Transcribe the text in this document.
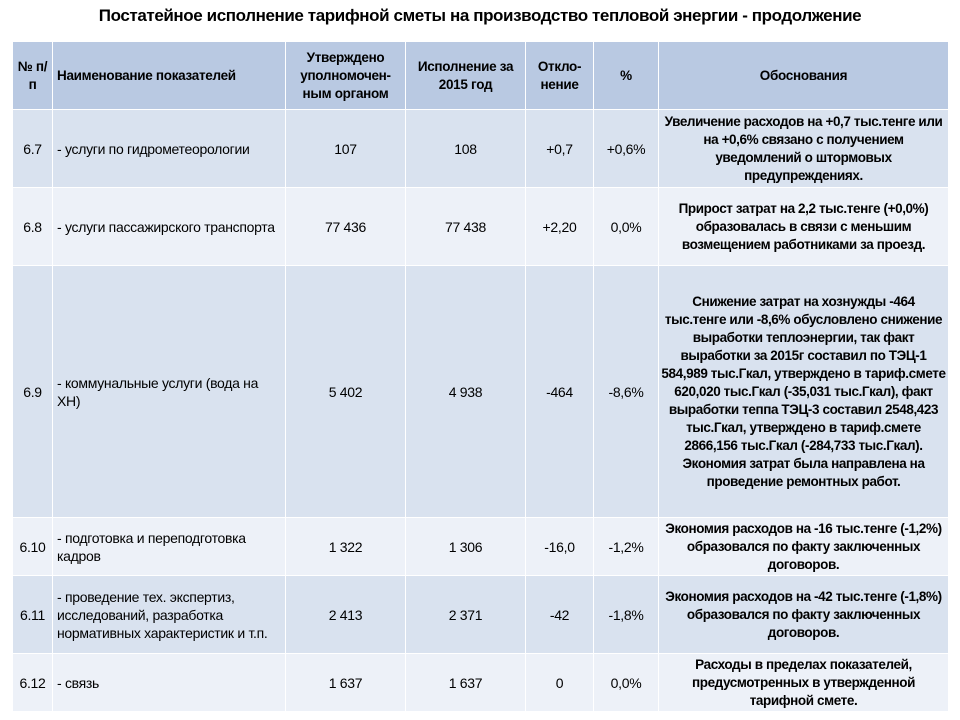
Постатейное исполнение тарифной сметы на производство тепловой энергии - продолжение
№ п/п	Наименование показателей	Утверждено уполномочен-ным органом	Исполнение за 2015 год	Откло-нение	%	Обоснования
6.7	- услуги по гидрометеорологии	107	108	+0,7	+0,6%	Увеличение расходов на +0,7 тыс.тенге или на +0,6% связано с получением уведомлений о штормовых предупреждениях.
6.8	- услуги пассажирского транспорта	77 436	77 438	+2,20	0,0%	Прирост затрат на 2,2 тыс.тенге (+0,0%) образовалась в связи с меньшим возмещением работниками за проезд.
6.9	- коммунальные услуги (вода на ХН)	5 402	4 938	-464	-8,6%	Снижение затрат на хознужды -464 тыс.тенге или -8,6% обусловлено снижение выработки теплоэнергии, так факт выработки за 2015г составил по ТЭЦ-1 584,989 тыс.Гкал, утверждено в тариф.смете 620,020 тыс.Гкал (-35,031 тыс.Гкал), факт выработки теппа ТЭЦ-3 составил 2548,423 тыс.Гкал, утверждено в тариф.смете 2866,156 тыс.Гкал (-284,733 тыс.Гкал). Экономия затрат была направлена на проведение ремонтных работ.
6.10	- подготовка и переподготовка кадров	1 322	1 306	-16,0	-1,2%	Экономия расходов на -16 тыс.тенге (-1,2%) образовался по факту заключенных договоров.
6.11	- проведение тех. экспертиз, исследований, разработка нормативных характеристик и т.п.	2 413	2 371	-42	-1,8%	Экономия расходов на -42 тыс.тенге (-1,8%) образовался по факту заключенных договоров.
6.12	- связь	1 637	1 637	0	0,0%	Расходы в пределах показателей, предусмотренных в утвержденной тарифной смете.
